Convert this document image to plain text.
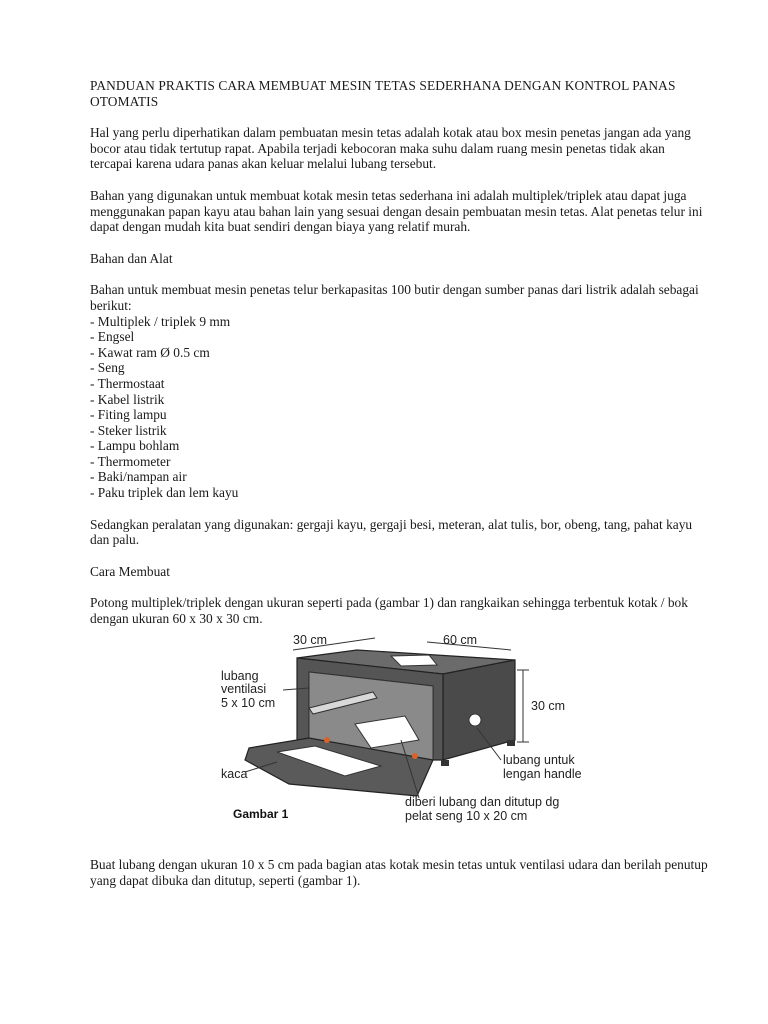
PANDUAN PRAKTIS CARA MEMBUAT MESIN TETAS SEDERHANA DENGAN KONTROL PANAS OTOMATIS

Hal yang perlu diperhatikan dalam pembuatan mesin tetas adalah kotak atau box mesin penetas jangan ada yang bocor atau tidak tertutup rapat. Apabila terjadi kebocoran maka suhu dalam ruang mesin penetas tidak akan tercapai karena udara panas akan keluar melalui lubang tersebut.

Bahan yang digunakan untuk membuat kotak mesin tetas sederhana ini adalah multiplek/triplek atau dapat juga menggunakan papan kayu atau bahan lain yang sesuai dengan desain pembuatan mesin tetas. Alat penetas telur ini dapat dengan mudah kita buat sendiri dengan biaya yang relatif murah.

Bahan dan Alat

Bahan untuk membuat mesin penetas telur berkapasitas 100 butir dengan sumber panas dari listrik adalah sebagai berikut:

- Multiplek / triplek 9 mm
- Engsel
- Kawat ram Ø 0.5 cm
- Seng
- Thermostaat
- Kabel listrik
- Fiting lampu
- Steker listrik
- Lampu bohlam
- Thermometer
- Baki/nampan air
- Paku triplek dan lem kayu

Sedangkan peralatan yang digunakan: gergaji kayu, gergaji besi, meteran, alat tulis, bor, obeng, tang, pahat kayu dan palu.

Cara Membuat

Potong multiplek/triplek dengan ukuran seperti pada (gambar 1) dan rangkaikan sehingga terbentuk kotak / bok dengan ukuran 60 x 30 x 30 cm.

30 cm	60 cm
30 cm
lubang
ventilasi
5 x 10 cm
kaca
lubang untuk
lengan handle
diberi lubang dan ditutup dg
pelat seng 10 x 20 cm
Gambar 1

Buat lubang dengan ukuran 10 x 5 cm pada bagian atas kotak mesin tetas untuk ventilasi udara dan berilah penutup yang dapat dibuka dan ditutup, seperti (gambar 1).
